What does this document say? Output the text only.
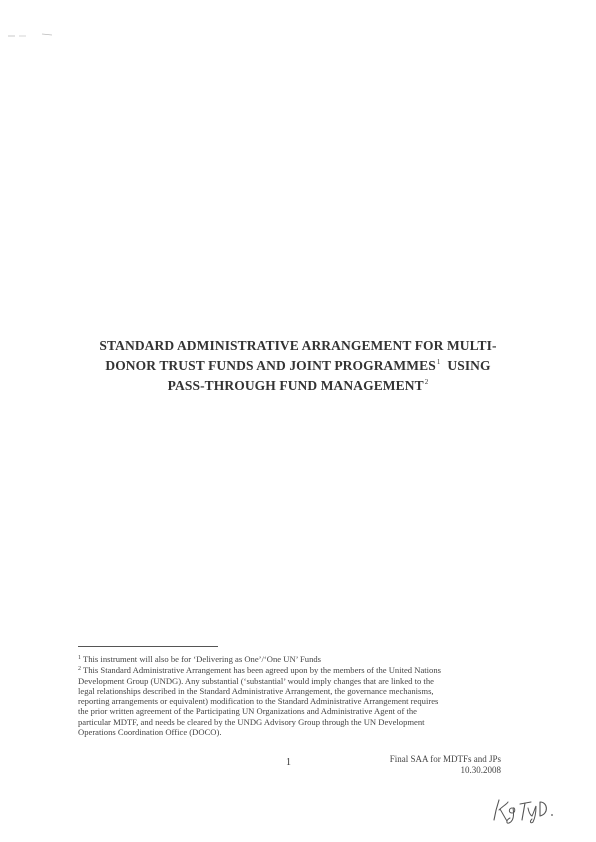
STANDARD ADMINISTRATIVE ARRANGEMENT FOR MULTI-
DONOR TRUST FUNDS AND JOINT PROGRAMMES$^1$ USING
PASS-THROUGH FUND MANAGEMENT$^2$

$^1$ This instrument will also be for ‘Delivering as One’/‘One UN’ Funds

$^2$ This Standard Administrative Arrangement has been agreed upon by the members of the United Nations
Development Group (UNDG). Any substantial (‘substantial’ would imply changes that are linked to the
legal relationships described in the Standard Administrative Arrangement, the governance mechanisms,
reporting arrangements or equivalent) modification to the Standard Administrative Arrangement requires
the prior written agreement of the Participating UN Organizations and Administrative Agent of the
particular MDTF, and needs be cleared by the UNDG Advisory Group through the UN Development
Operations Coordination Office (DOCO).

1	Final SAA for MDTFs and JPs
10.30.2008
